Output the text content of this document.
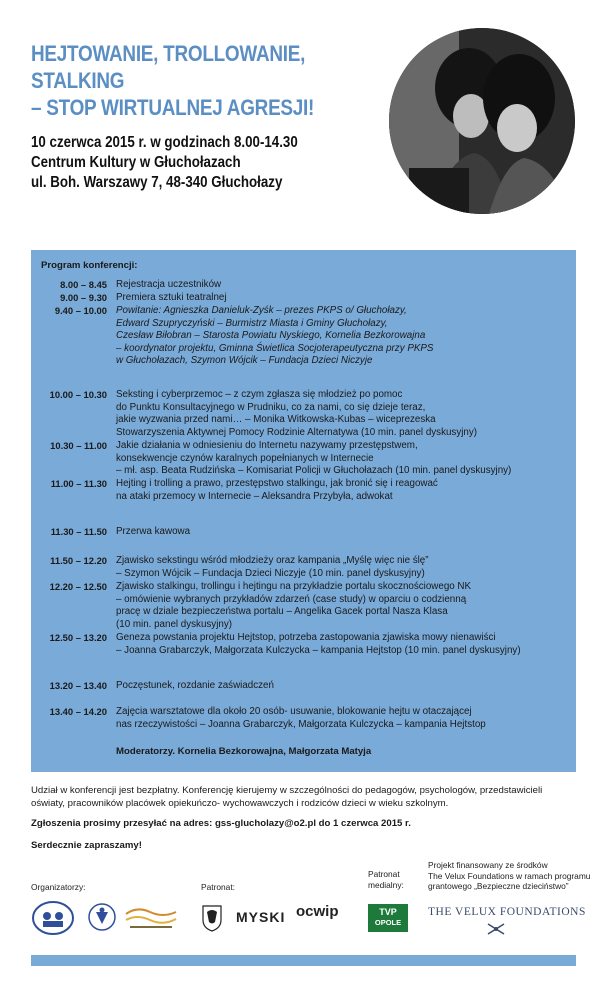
HEJTOWANIE, TROLLOWANIE, STALKING
– STOP WIRTUALNEJ AGRESJI!
10 czerwca 2015 r. w godzinach 8.00-14.30
Centrum Kultury w Głuchołazach
ul. Boh. Warszawy 7, 48-340 Głuchołazy
Program konferencji:
8.00 – 8.45 Rejestracja uczestników
9.00 – 9.30 Premiera sztuki teatralnej
9.40 – 10.00 Powitanie: Agnieszka Danieluk-Zyśk – prezes PKPS o/ Głuchołazy,
Edward Szupryczyński – Burmistrz Miasta i Gminy Głuchołazy,
Czesław Biłobran – Starosta Powiatu Nyskiego, Kornelia Bezkorowajna
– koordynator projektu, Gminna Świetlica Socjoterapeutyczna przy PKPS
w Głuchołazach, Szymon Wójcik – Fundacja Dzieci Niczyje
10.00 – 10.30 Seksting i cyberprzemoc – z czym zgłasza się młodzież po pomoc
do Punktu Konsultacyjnego w Prudniku, co za nami, co się dzieje teraz,
jakie wyzwania przed nami… – Monika Witkowska-Kubas – wiceprezeska
Stowarzyszenia Aktywnej Pomocy Rodzinie Alternatywa (10 min. panel dyskusyjny)
10.30 – 11.00 Jakie działania w odniesieniu do Internetu nazywamy przestępstwem,
konsekwencje czynów karalnych popełnianych w Internecie
– mł. asp. Beata Rudzińska – Komisariat Policji w Głuchołazach (10 min. panel dyskusyjny)
11.00 – 11.30 Hejting i trolling a prawo, przestępstwo stalkingu, jak bronić się i reagować
na ataki przemocy w Internecie – Aleksandra Przybyła, adwokat
11.30 – 11.50 Przerwa kawowa
11.50 – 12.20 Zjawisko sekstingu wśród młodzieży oraz kampania „Myślę więc nie ślę”
– Szymon Wójcik – Fundacja Dzieci Niczyje (10 min. panel dyskusyjny)
12.20 – 12.50 Zjawisko stalkingu, trollingu i hejtingu na przykładzie portalu skocznościowego NK
– omówienie wybranych przykładów zdarzeń (case study) w oparciu o codzienną
pracę w dziale bezpieczeństwa portalu – Angelika Gacek portal Nasza Klasa
(10 min. panel dyskusyjny)
12.50 – 13.20 Geneza powstania projektu Hejtstop, potrzeba zastopowania zjawiska mowy nienawiści
– Joanna Grabarczyk, Małgorzata Kulczycka – kampania Hejtstop (10 min. panel dyskusyjny)
13.20 – 13.40 Poczęstunek, rozdanie zaświadczeń
13.40 – 14.20 Zajęcia warsztatowe dla około 20 osób- usuwanie, blokowanie hejtu w otaczającej
nas rzeczywistości – Joanna Grabarczyk, Małgorzata Kulczycka – kampania Hejtstop
Moderatorzy. Kornelia Bezkorowajna, Małgorzata Matyja
Udział w konferencji jest bezpłatny. Konferencję kierujemy w szczególności do pedagogów, psychologów, przedstawicieli
oświaty, pracowników placówek opiekuńczo- wychowawczych i rodziców dzieci w wieku szkolnym.
Zgłoszenia prosimy przesyłać na adres: gss-glucholazy@o2.pl do 1 czerwca 2015 r.
Serdecznie zapraszamy!
Organizatorzy:	Patronat:
Patronat
medialny:
Projekt finansowany ze środków
The Velux Foundations w ramach programu
grantowego „Bezpieczne dzieciństwo”
MYSKI ocwip	TVP
OPOLE
THE VELUX FOUNDATIONS
